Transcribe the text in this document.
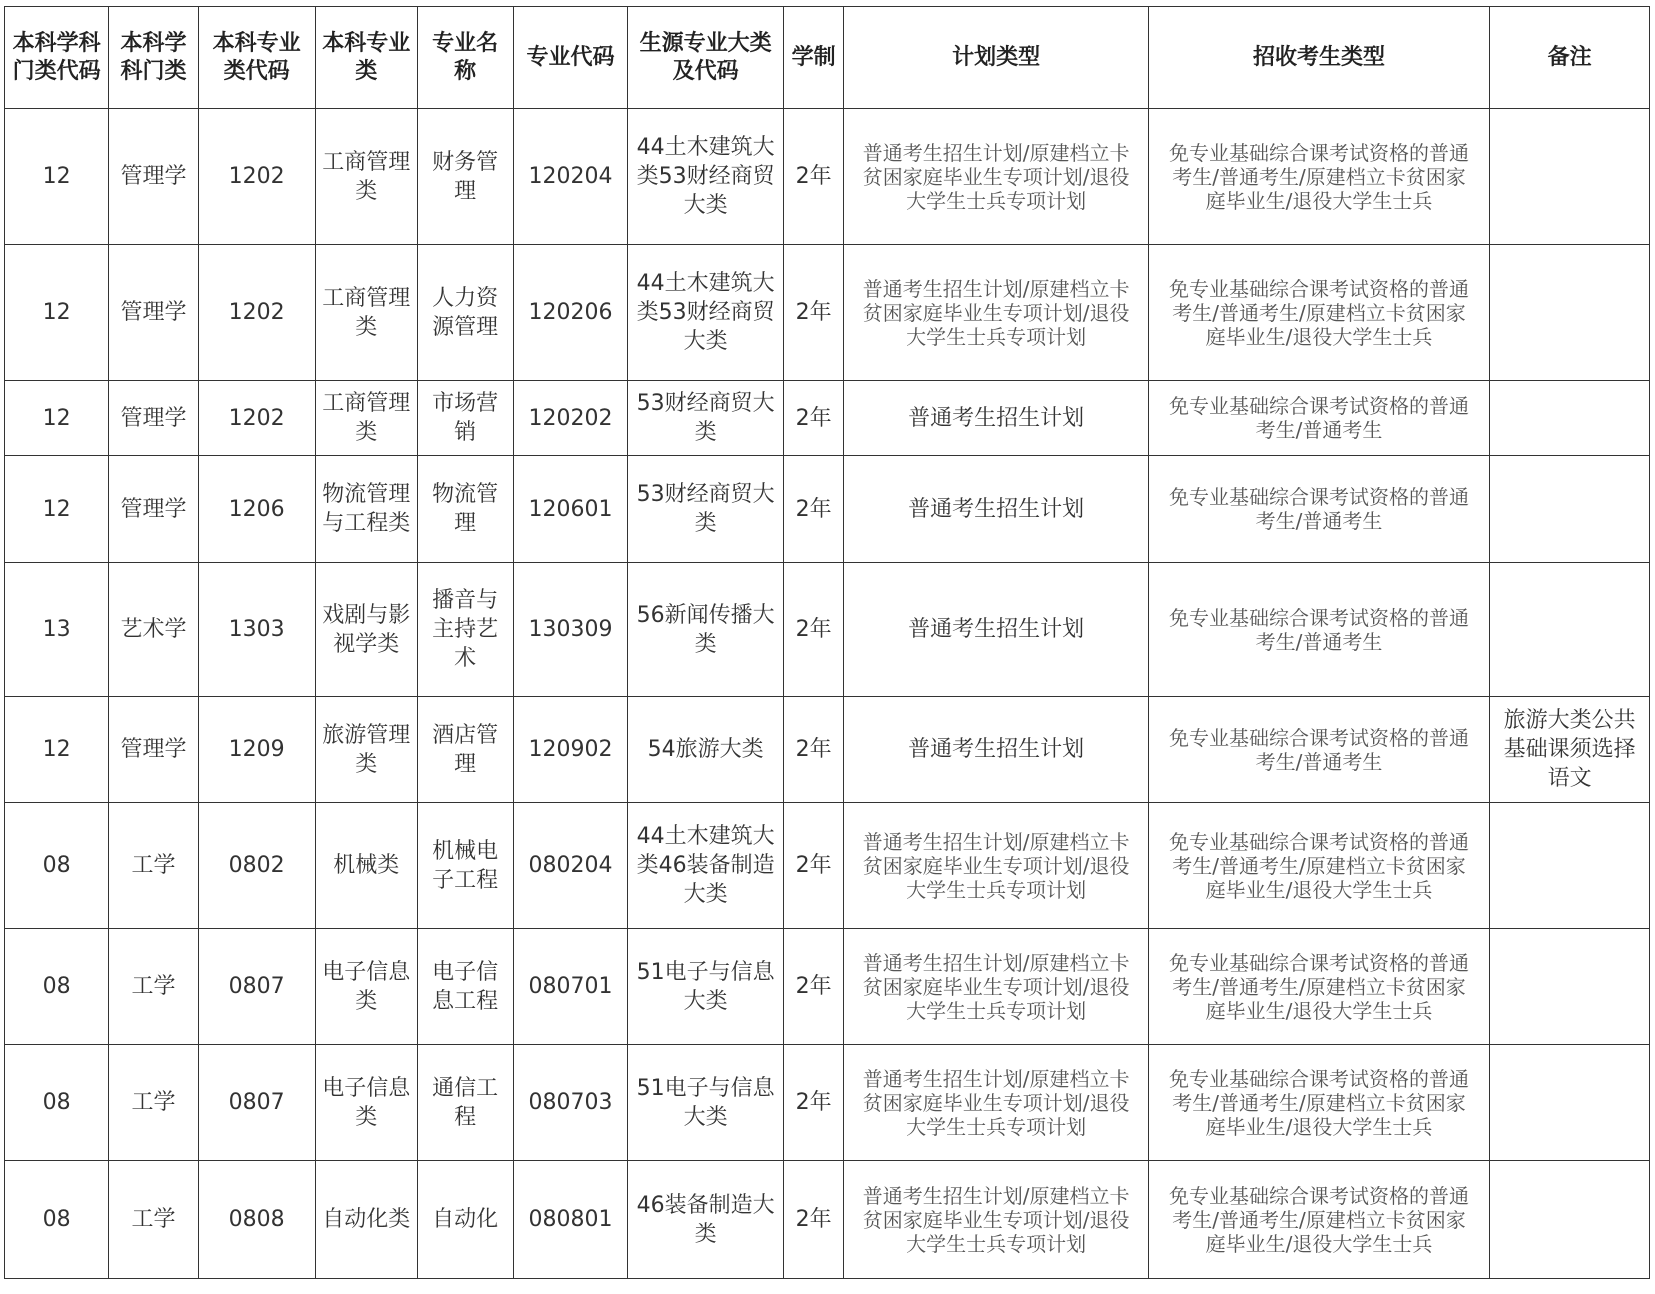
本科学科门类代码	本科学科门类	本科专业类代码	本科专业类	专业名称	专业代码	生源专业大类及代码	学制	计划类型	招收考生类型	备注
12	管理学	1202	工商管理类	财务管理	120204	44土木建筑大类53财经商贸大类	2年	普通考生招生计划/原建档立卡贫困家庭毕业生专项计划/退役大学生士兵专项计划	免专业基础综合课考试资格的普通考生/普通考生/原建档立卡贫困家庭毕业生/退役大学生士兵	
12	管理学	1202	工商管理类	人力资源管理	120206	44土木建筑大类53财经商贸大类	2年	普通考生招生计划/原建档立卡贫困家庭毕业生专项计划/退役大学生士兵专项计划	免专业基础综合课考试资格的普通考生/普通考生/原建档立卡贫困家庭毕业生/退役大学生士兵	
12	管理学	1202	工商管理类	市场营销	120202	53财经商贸大类	2年	普通考生招生计划	免专业基础综合课考试资格的普通考生/普通考生	
12	管理学	1206	物流管理与工程类	物流管理	120601	53财经商贸大类	2年	普通考生招生计划	免专业基础综合课考试资格的普通考生/普通考生	
13	艺术学	1303	戏剧与影视学类	播音与主持艺术	130309	56新闻传播大类	2年	普通考生招生计划	免专业基础综合课考试资格的普通考生/普通考生	
12	管理学	1209	旅游管理类	酒店管理	120902	54旅游大类	2年	普通考生招生计划	免专业基础综合课考试资格的普通考生/普通考生	旅游大类公共基础课须选择语文
08	工学	0802	机械类	机械电子工程	080204	44土木建筑大类46装备制造大类	2年	普通考生招生计划/原建档立卡贫困家庭毕业生专项计划/退役大学生士兵专项计划	免专业基础综合课考试资格的普通考生/普通考生/原建档立卡贫困家庭毕业生/退役大学生士兵	
08	工学	0807	电子信息类	电子信息工程	080701	51电子与信息大类	2年	普通考生招生计划/原建档立卡贫困家庭毕业生专项计划/退役大学生士兵专项计划	免专业基础综合课考试资格的普通考生/普通考生/原建档立卡贫困家庭毕业生/退役大学生士兵	
08	工学	0807	电子信息类	通信工程	080703	51电子与信息大类	2年	普通考生招生计划/原建档立卡贫困家庭毕业生专项计划/退役大学生士兵专项计划	免专业基础综合课考试资格的普通考生/普通考生/原建档立卡贫困家庭毕业生/退役大学生士兵	
08	工学	0808	自动化类	自动化	080801	46装备制造大类	2年	普通考生招生计划/原建档立卡贫困家庭毕业生专项计划/退役大学生士兵专项计划	免专业基础综合课考试资格的普通考生/普通考生/原建档立卡贫困家庭毕业生/退役大学生士兵	
